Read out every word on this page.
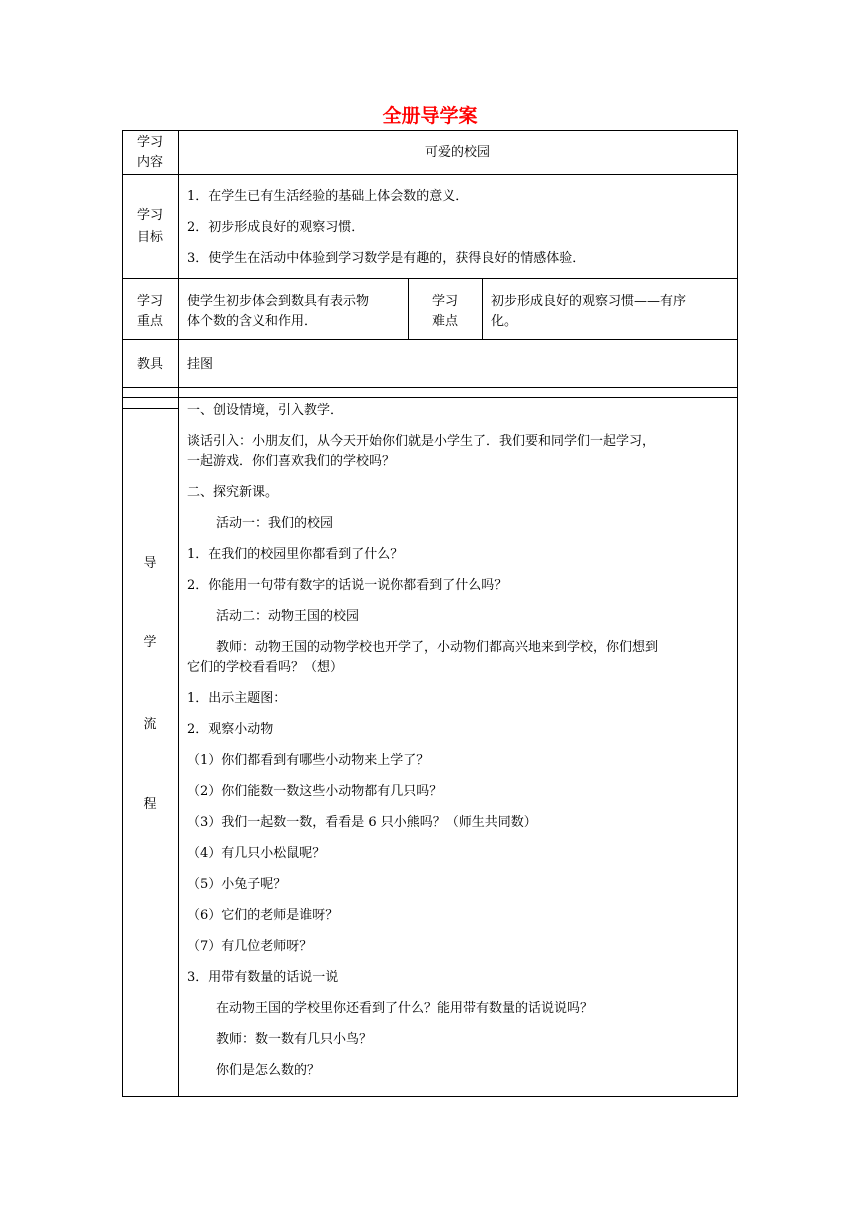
全册导学案
学习
内容
可爱的校园
学习
目标
1．在学生已有生活经验的基础上体会数的意义．
2．初步形成良好的观察习惯．
3．使学生在活动中体验到学习数学是有趣的，获得良好的情感体验．
学习
重点
使学生初步体会到数具有表示物
体个数的含义和作用．
学习
难点
初步形成良好的观察习惯——有序
化。
教具	挂图
导
学
流
程
一、创设情境，引入教学．
谈话引入：小朋友们，从今天开始你们就是小学生了．我们要和同学们一起学习，
一起游戏．你们喜欢我们的学校吗？
二、探究新课。
活动一：我们的校园
1．在我们的校园里你都看到了什么？
2．你能用一句带有数字的话说一说你都看到了什么吗？
活动二：动物王国的校园
教师：动物王国的动物学校也开学了，小动物们都高兴地来到学校，你们想到
它们的学校看看吗？（想）
1．出示主题图：
2．观察小动物
（1）你们都看到有哪些小动物来上学了？
（2）你们能数一数这些小动物都有几只吗？
（3）我们一起数一数，看看是 6 只小熊吗？（师生共同数）
（4）有几只小松鼠呢？
（5）小兔子呢？
（6）它们的老师是谁呀？
（7）有几位老师呀？
3．用带有数量的话说一说
在动物王国的学校里你还看到了什么？能用带有数量的话说说吗？
教师：数一数有几只小鸟？
你们是怎么数的？
